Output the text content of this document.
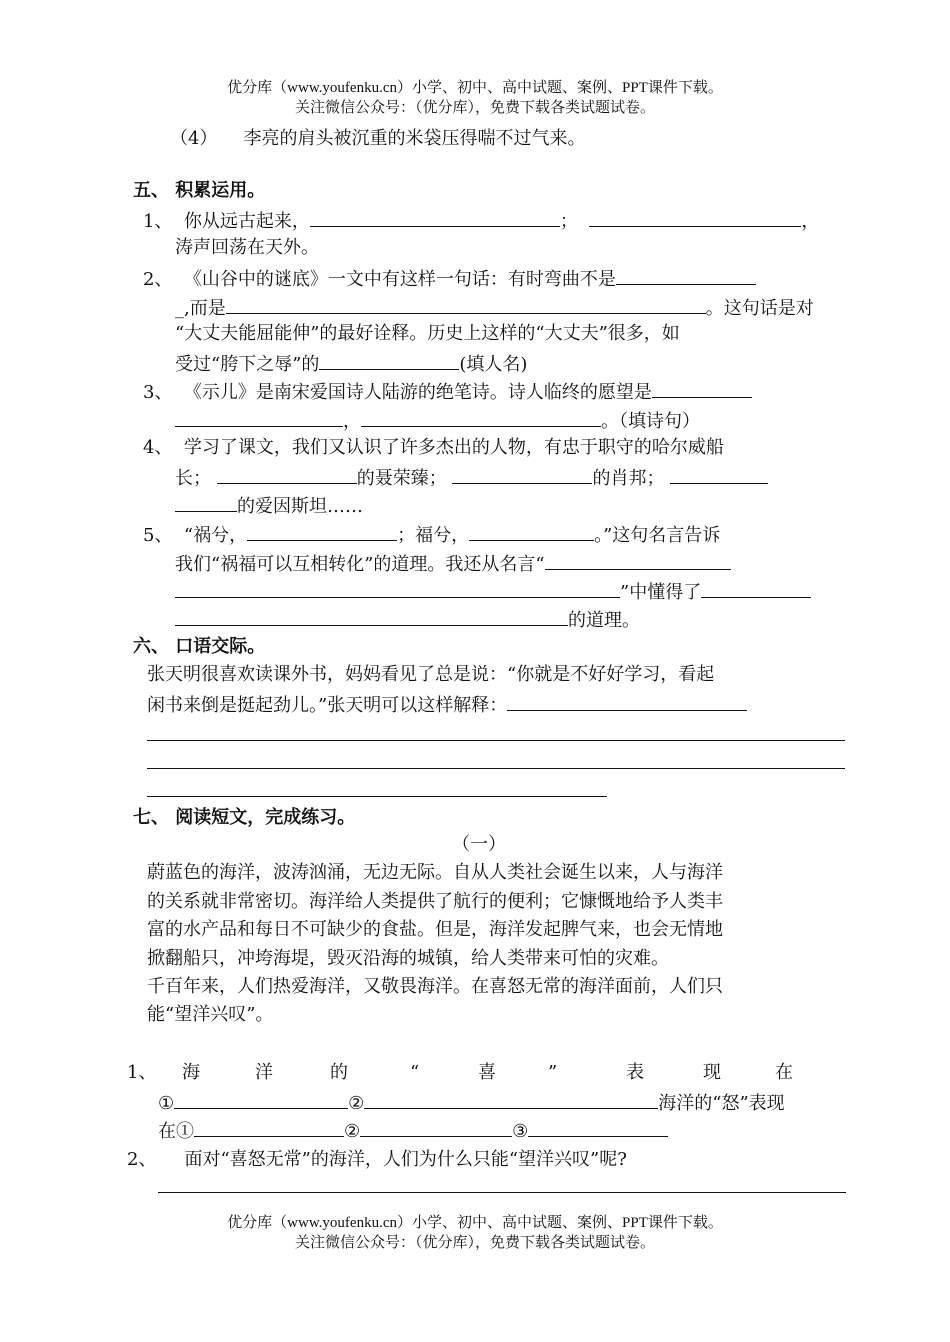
优分库（www.youfenku.cn）小学、初中、高中试题、案例、PPT课件下载。
关注微信公众号：（优分库），免费下载各类试题试卷。
（4） 李亮的肩头被沉重的米袋压得喘不过气来。
五、 积累运用。
1、 你从远古起来，	；	，
涛声回荡在天外。
2、 《山谷中的谜底》一文中有这样一句话：有时弯曲不是
_,而是	。这句话是对
“大丈夫能屈能伸”的最好诠释。历史上这样的“大丈夫”很多，如
受过“胯下之辱”的	(填人名)
3、 《示儿》是南宋爱国诗人陆游的绝笔诗。诗人临终的愿望是
，	。（填诗句）
4、 学习了课文，我们又认识了许多杰出的人物，有忠于职守的哈尔威船
长；	的聂荣臻；	的肖邦；
的爱因斯坦……
5、 “祸兮，	；福兮，	。”这句名言告诉
我们“祸福可以互相转化”的道理。我还从名言“
”中懂得了
的道理。
六、 口语交际。
张天明很喜欢读课外书，妈妈看见了总是说：“你就是不好好学习，看起
闲书来倒是挺起劲儿。”张天明可以这样解释：
七、 阅读短文，完成练习。
（一）
蔚蓝色的海洋，波涛汹涌，无边无际。自从人类社会诞生以来，人与海洋
的关系就非常密切。海洋给人类提供了航行的便利；它慷慨地给予人类丰
富的水产品和每日不可缺少的食盐。但是，海洋发起脾气来，也会无情地
掀翻船只，冲垮海堤，毁灭沿海的城镇，给人类带来可怕的灾难。
千百年来，人们热爱海洋，又敬畏海洋。在喜怒无常的海洋面前，人们只
能“望洋兴叹”。
1、 海	洋	的	“	喜	”	表	现	在
①	②	海洋的“怒”表现
在①	②	③
2、 面对“喜怒无常”的海洋，人们为什么只能“望洋兴叹”呢?
优分库（www.youfenku.cn）小学、初中、高中试题、案例、PPT课件下载。
关注微信公众号：（优分库），免费下载各类试题试卷。
